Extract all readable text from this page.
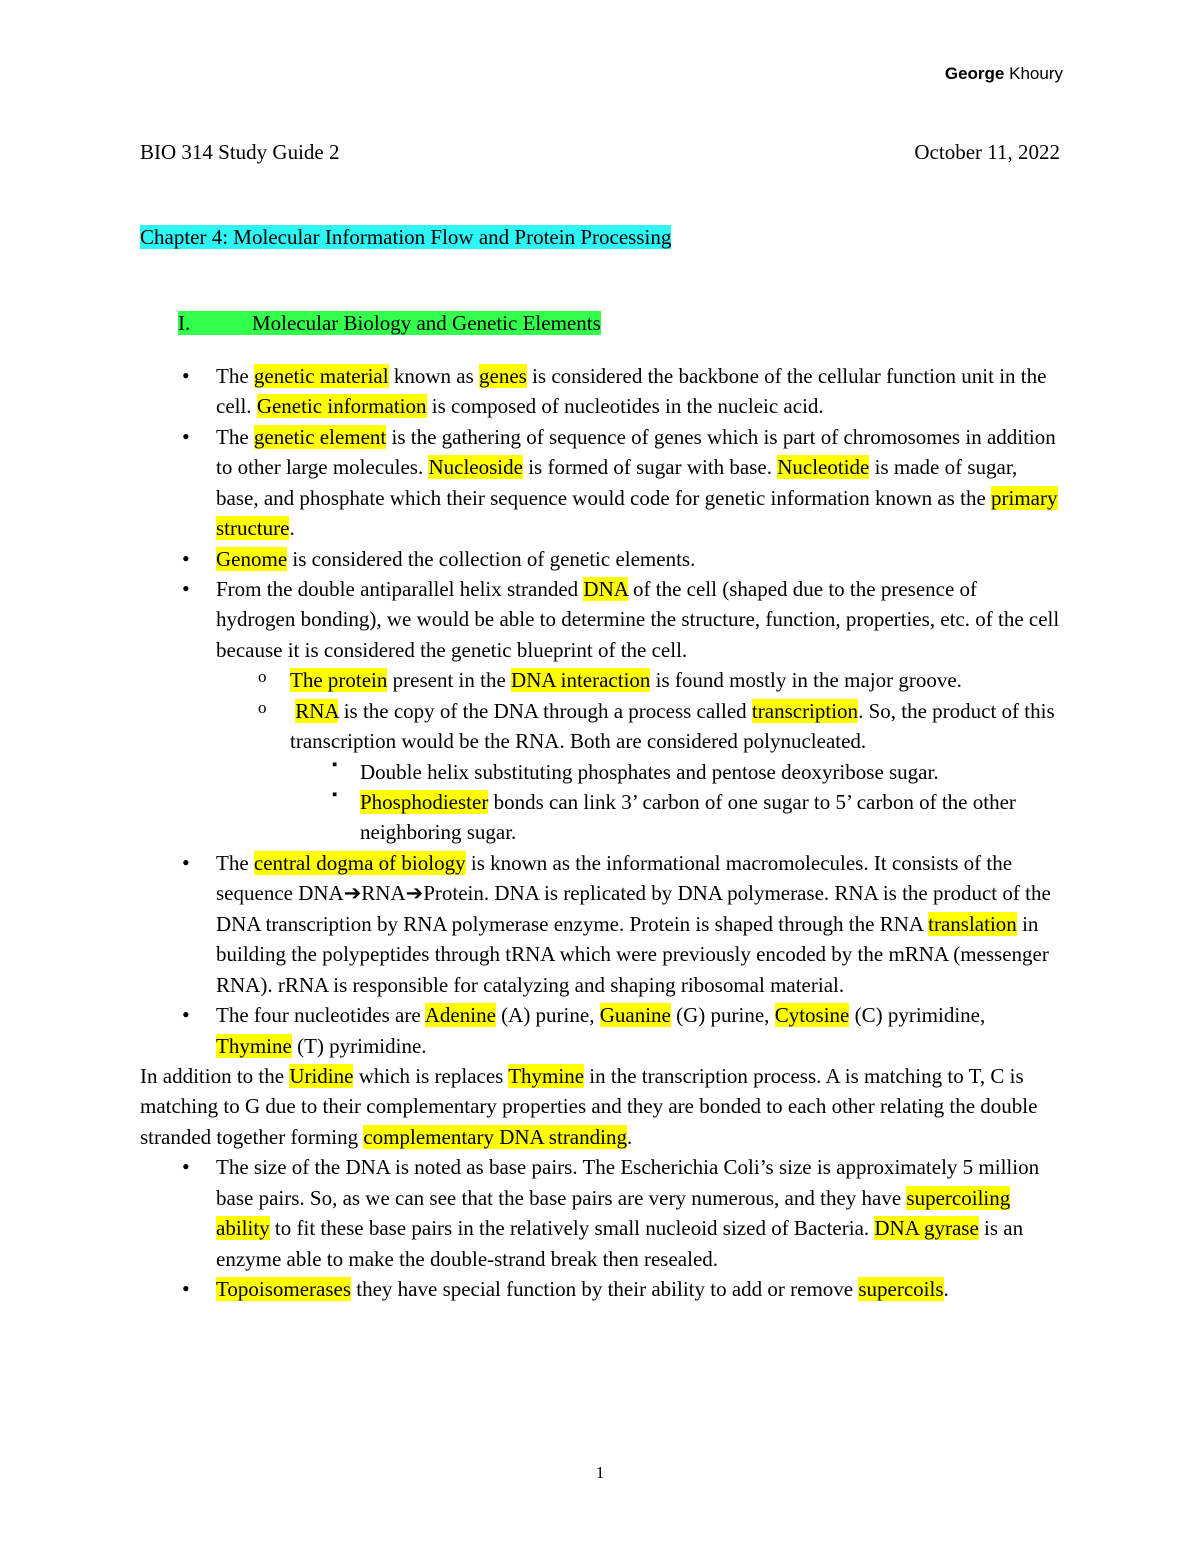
George Khoury
BIO 314 Study Guide 2	October 11, 2022
Chapter 4: Molecular Information Flow and Protein Processing
I.	Molecular Biology and Genetic Elements
• The genetic material known as genes is considered the backbone of the cellular function unit in the cell. Genetic information is composed of nucleotides in the nucleic acid.
• The genetic element is the gathering of sequence of genes which is part of chromosomes in addition to other large molecules. Nucleoside is formed of sugar with base. Nucleotide is made of sugar, base, and phosphate which their sequence would code for genetic information known as the primary structure.
• Genome is considered the collection of genetic elements.
• From the double antiparallel helix stranded DNA of the cell (shaped due to the presence of hydrogen bonding), we would be able to determine the structure, function, properties, etc. of the cell because it is considered the genetic blueprint of the cell.
o The protein present in the DNA interaction is found mostly in the major groove.
o RNA is the copy of the DNA through a process called transcription. So, the product of this transcription would be the RNA. Both are considered polynucleated.
▪ Double helix substituting phosphates and pentose deoxyribose sugar.
▪ Phosphodiester bonds can link 3’ carbon of one sugar to 5’ carbon of the other neighboring sugar.
• The central dogma of biology is known as the informational macromolecules. It consists of the sequence DNA➔RNA➔Protein. DNA is replicated by DNA polymerase. RNA is the product of the DNA transcription by RNA polymerase enzyme. Protein is shaped through the RNA translation in building the polypeptides through tRNA which were previously encoded by the mRNA (messenger RNA). rRNA is responsible for catalyzing and shaping ribosomal material.
• The four nucleotides are Adenine (A) purine, Guanine (G) purine, Cytosine (C) pyrimidine, Thymine (T) pyrimidine.

In addition to the Uridine which is replaces Thymine in the transcription process. A is matching to T, C is matching to G due to their complementary properties and they are bonded to each other relating the double stranded together forming complementary DNA stranding.

• The size of the DNA is noted as base pairs. The Escherichia Coli’s size is approximately 5 million base pairs. So, as we can see that the base pairs are very numerous, and they have supercoiling ability to fit these base pairs in the relatively small nucleoid sized of Bacteria. DNA gyrase is an enzyme able to make the double-strand break then resealed.
• Topoisomerases they have special function by their ability to add or remove supercoils.
1
